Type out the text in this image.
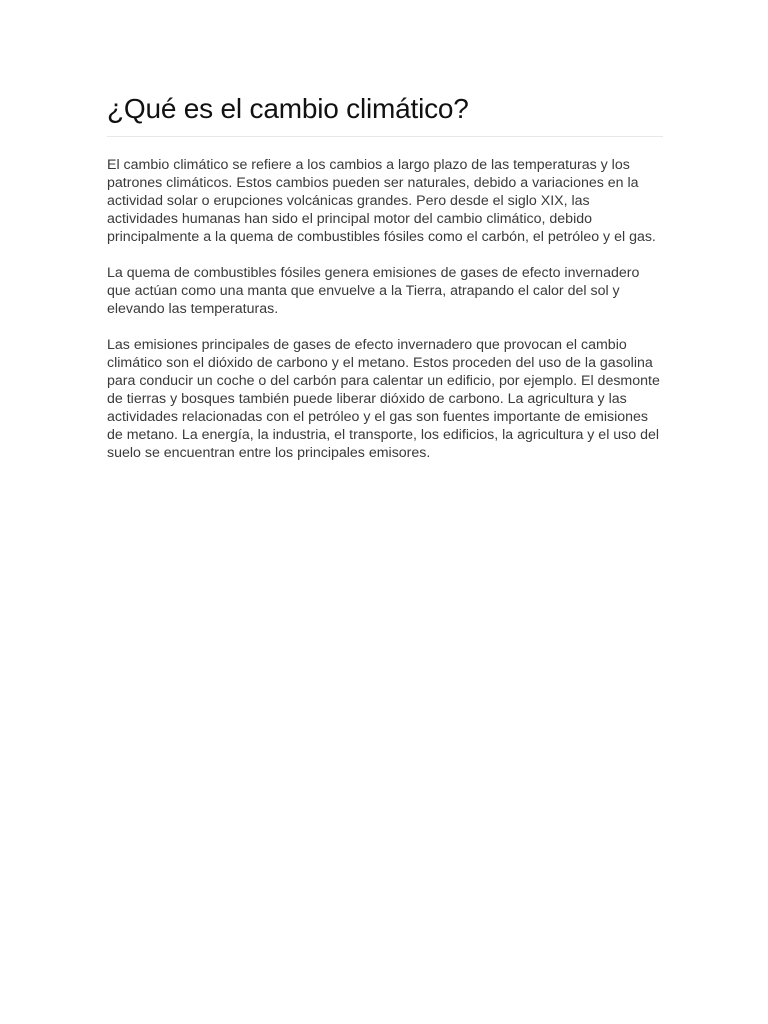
¿Qué es el cambio climático?

El cambio climático se refiere a los cambios a largo plazo de las temperaturas y los patrones climáticos. Estos cambios pueden ser naturales, debido a variaciones en la actividad solar o erupciones volcánicas grandes. Pero desde el siglo XIX, las actividades humanas han sido el principal motor del cambio climático, debido principalmente a la quema de combustibles fósiles como el carbón, el petróleo y el gas.

La quema de combustibles fósiles genera emisiones de gases de efecto invernadero que actúan como una manta que envuelve a la Tierra, atrapando el calor del sol y elevando las temperaturas.

Las emisiones principales de gases de efecto invernadero que provocan el cambio climático son el dióxido de carbono y el metano. Estos proceden del uso de la gasolina para conducir un coche o del carbón para calentar un edificio, por ejemplo. El desmonte de tierras y bosques también puede liberar dióxido de carbono. La agricultura y las actividades relacionadas con el petróleo y el gas son fuentes importante de emisiones de metano. La energía, la industria, el transporte, los edificios, la agricultura y el uso del suelo se encuentran entre los principales emisores.
